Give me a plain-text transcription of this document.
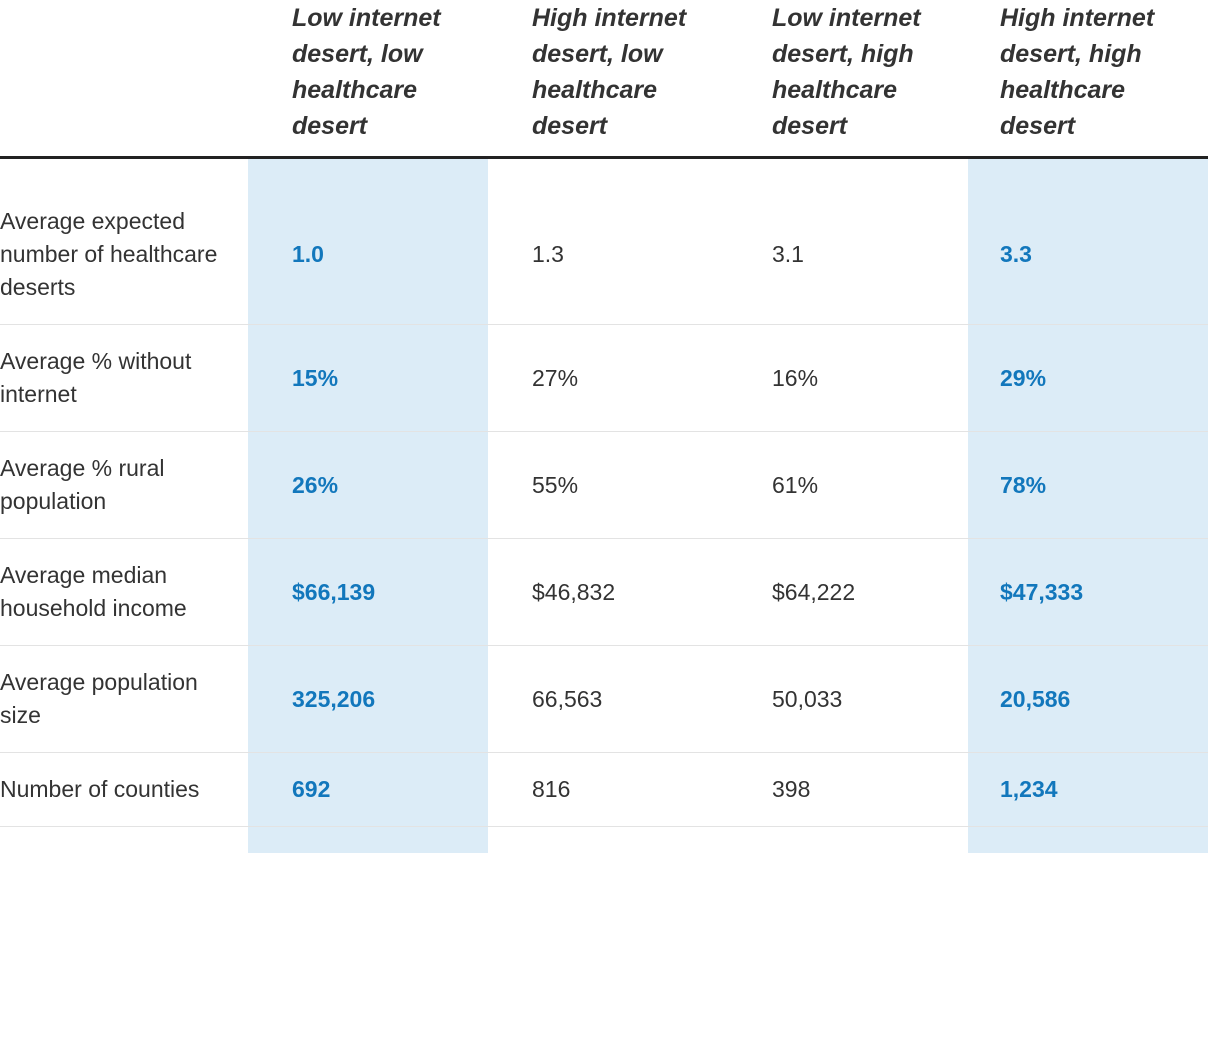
	Low internet desert, low healthcare desert	High internet desert, low healthcare desert	Low internet desert, high healthcare desert	High internet desert, high healthcare desert

Average expected number of healthcare deserts	1.0	1.3	3.1	3.3
Average % without internet	15%	27%	16%	29%
Average % rural population	26%	55%	61%	78%
Average median household income	$66,139	$46,832	$64,222	$47,333
Average population size	325,206	66,563	50,033	20,586
Number of counties	692	816	398	1,234
